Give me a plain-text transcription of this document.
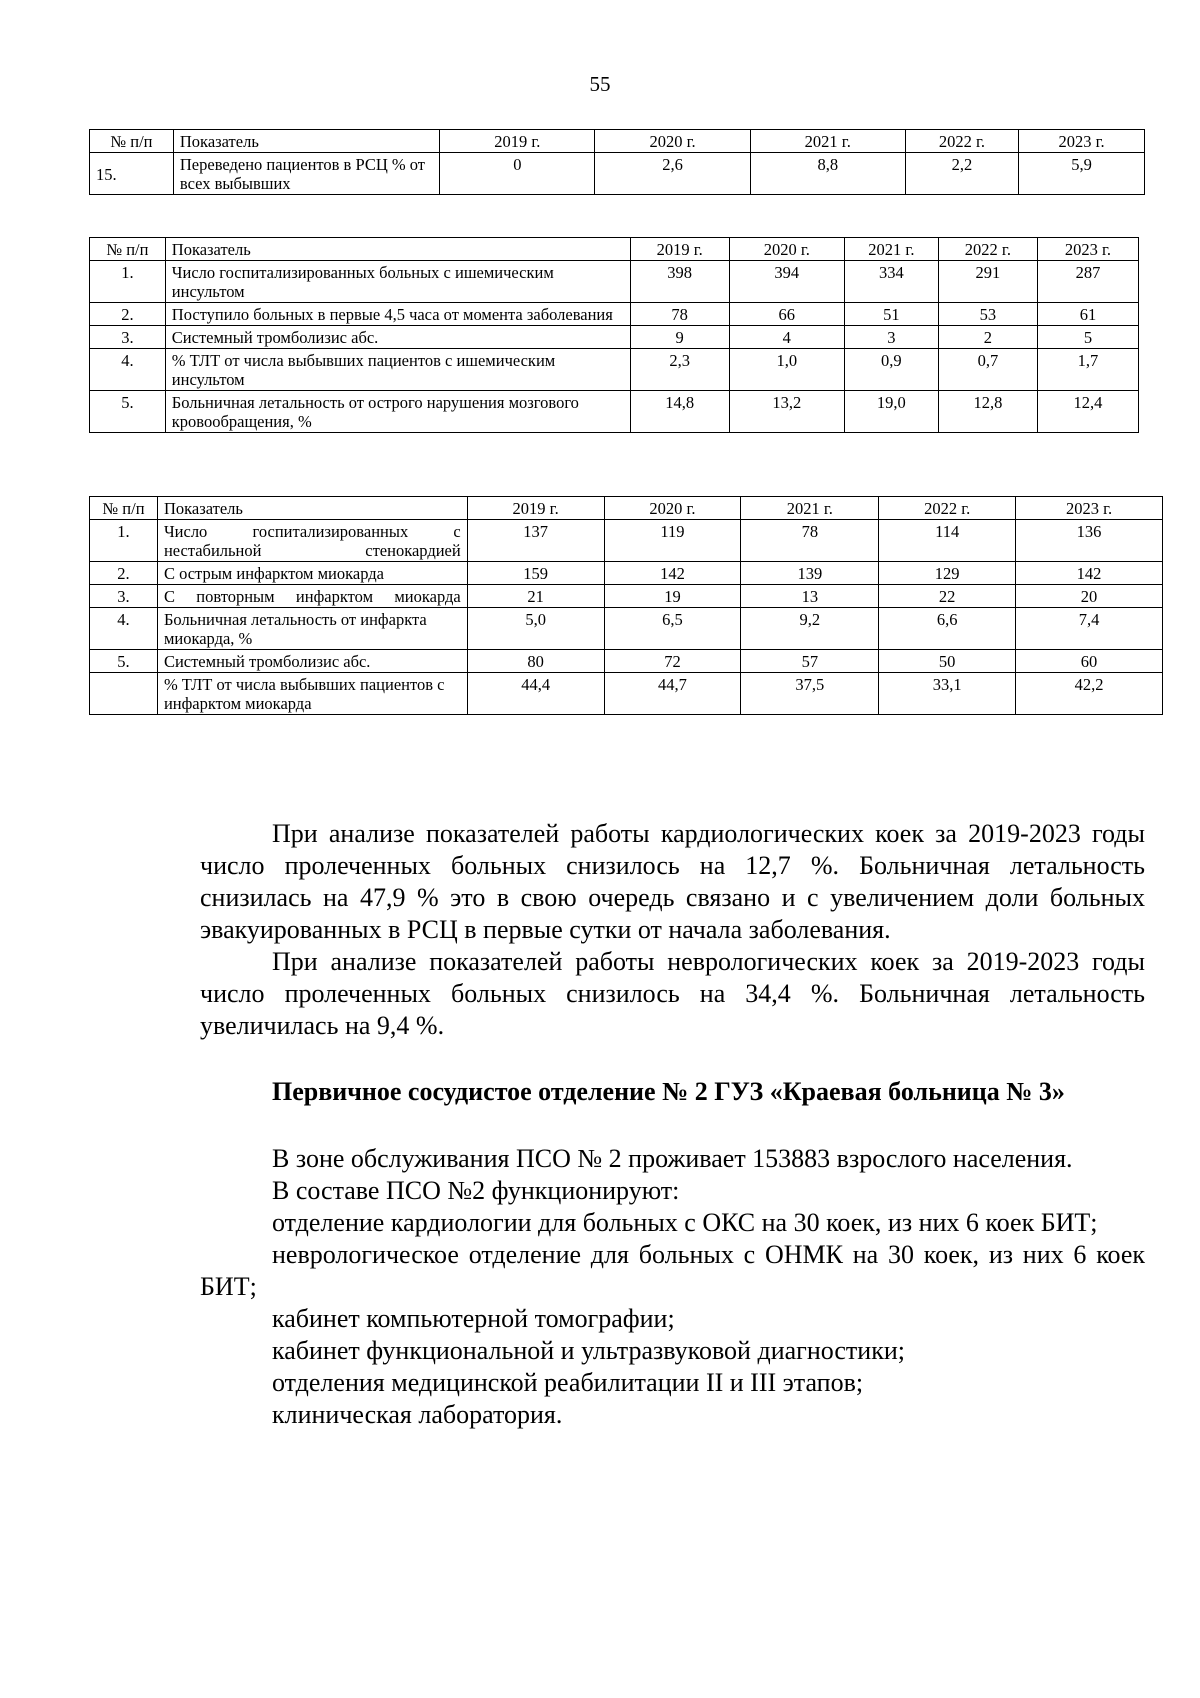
55
№ п/п	Показатель	2019 г.	2020 г.	2021 г.	2022 г.	2023 г.
15.	Переведено пациентов в РСЦ % от всех выбывших	0	2,6	8,8	2,2	5,9
№ п/п	Показатель	2019 г.	2020 г.	2021 г.	2022 г.	2023 г.
1.	Число госпитализированных больных с ишемическим инсультом	398	394	334	291	287
2.	Поступило больных в первые 4,5 часа от момента заболевания	78	66	51	53	61
3.	Системный тромболизис абс.	9	4	3	2	5
4.	% ТЛТ от числа выбывших пациентов с ишемическим инсультом	2,3	1,0	0,9	0,7	1,7
5.	Больничная летальность от острого нарушения мозгового кровообращения, %	14,8	13,2	19,0	12,8	12,4
№ п/п	Показатель	2019 г.	2020 г.	2021 г.	2022 г.	2023 г.
1.	Число госпитализированных с нестабильной стенокардией	137	119	78	114	136
2.	С острым инфарктом миокарда	159	142	139	129	142
3.	С повторным инфарктом миокарда	21	19	13	22	20
4.	Больничная летальность от инфаркта миокарда, %	5,0	6,5	9,2	6,6	7,4
5.	Системный тромболизис абс.	80	72	57	50	60
	% ТЛТ от числа выбывших пациентов с инфарктом миокарда	44,4	44,7	37,5	33,1	42,2

При анализе показателей работы кардиологических коек за 2019-2023 годы число пролеченных больных снизилось на 12,7 %. Больничная летальность снизилась на 47,9 % это в свою очередь связано и с увеличением доли больных эвакуированных в РСЦ в первые сутки от начала заболевания.

При анализе показателей работы неврологических коек за 2019-2023 годы число пролеченных больных снизилось на 34,4 %. Больничная летальность увеличилась на 9,4 %.

Первичное сосудистое отделение № 2 ГУЗ «Краевая больница № 3»

В зоне обслуживания ПСО № 2 проживает 153883 взрослого населения.

В составе ПСО №2 функционируют:

отделение кардиологии для больных с ОКС на 30 коек, из них 6 коек БИТ;

неврологическое отделение для больных с ОНМК на 30 коек, из них 6 коек БИТ;

кабинет компьютерной томографии;

кабинет функциональной и ультразвуковой диагностики;

отделения медицинской реабилитации II и III этапов;

клиническая лаборатория.
